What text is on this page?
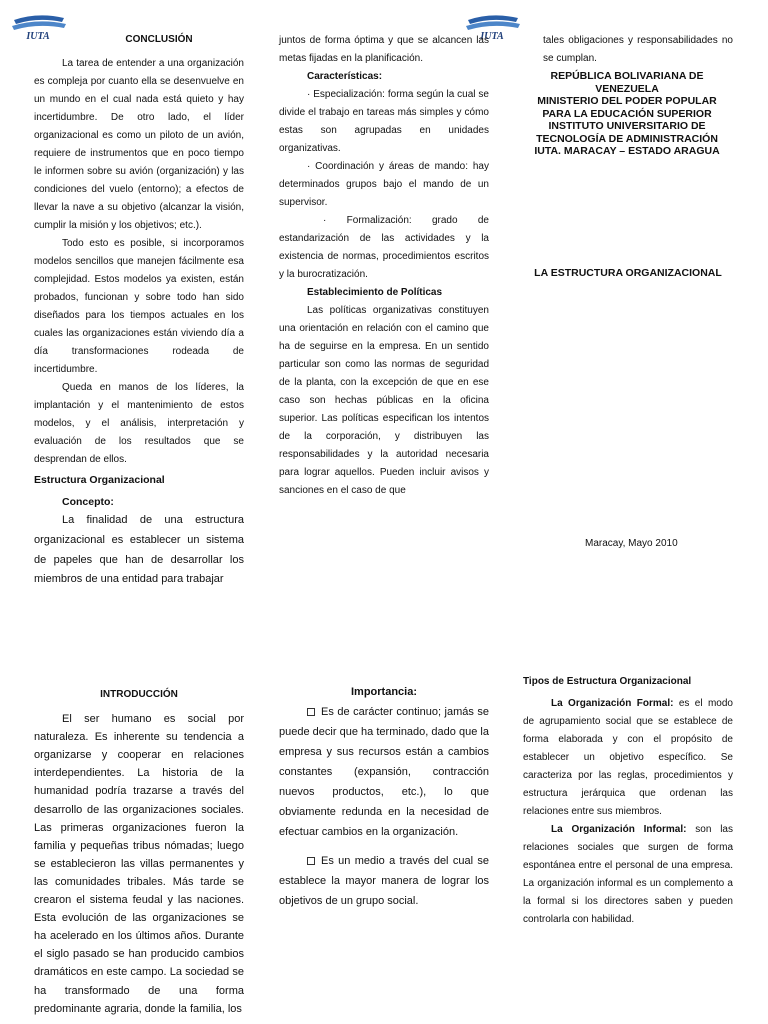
IUTA	IUTA
CONCLUSIÓN

La tarea de entender a una organización es compleja por cuanto ella se desenvuelve en un mundo en el cual nada está quieto y hay incertidumbre. De otro lado, el líder organizacional es como un piloto de un avión, requiere de instrumentos que en poco tiempo le informen sobre su avión (organización) y las condiciones del vuelo (entorno); a efectos de llevar la nave a su objetivo (alcanzar la visión, cumplir la misión y los objetivos; etc.).

Todo esto es posible, si incorporamos modelos sencillos que manejen fácilmente esa complejidad. Estos modelos ya existen, están probados, funcionan y sobre todo han sido diseñados para los tiempos actuales en los cuales las organizaciones están viviendo día a día transformaciones rodeada de incertidumbre.

Queda en manos de los líderes, la implantación y el mantenimiento de estos modelos, y el análisis, interpretación y evaluación de los resultados que se desprendan de ellos.

Estructura Organizacional
Concepto:

La finalidad de una estructura organizacional es establecer un sistema de papeles que han de desarrollar los miembros de una entidad para trabajar

juntos de forma óptima y que se alcancen las metas fijadas en la planificación.

Características:

· Especialización: forma según la cual se divide el trabajo en tareas más simples y cómo estas son agrupadas en unidades organizativas.

· Coordinación y áreas de mando: hay determinados grupos bajo el mando de un supervisor.

· Formalización: grado de estandarización de las actividades y la existencia de normas, procedimientos escritos y la burocratización.

Establecimiento de Políticas

Las políticas organizativas constituyen una orientación en relación con el camino que ha de seguirse en la empresa. En un sentido particular son como las normas de seguridad de la planta, con la excepción de que en ese caso son hechas públicas en la oficina superior. Las políticas especifican los intentos de la corporación, y distribuyen las responsabilidades y la autoridad necesaria para lograr aquellos. Pueden incluir avisos y sanciones en el caso de que

tales obligaciones y responsabilidades no se cumplan.

REPÚBLICA BOLIVARIANA DE VENEZUELA
MINISTERIO DEL PODER POPULAR PARA LA EDUCACIÓN SUPERIOR
INSTITUTO UNIVERSITARIO DE TECNOLOGÍA DE ADMINISTRACIÓN
IUTA. MARACAY – ESTADO ARAGUA
LA ESTRUCTURA ORGANIZACIONAL
Maracay, Mayo 2010
INTRODUCCIÓN

El ser humano es social por naturaleza. Es inherente su tendencia a organizarse y cooperar en relaciones interdependientes. La historia de la humanidad podría trazarse a través del desarrollo de las organizaciones sociales. Las primeras organizaciones fueron la familia y pequeñas tribus nómadas; luego se establecieron las villas permanentes y las comunidades tribales. Más tarde se crearon el sistema feudal y las naciones. Esta evolución de las organizaciones se ha acelerado en los últimos años. Durante el siglo pasado se han producido cambios dramáticos en este campo. La sociedad se ha transformado de una forma predominante agraria, donde la familia, los

Importancia:

Es de carácter continuo; jamás se puede decir que ha terminado, dado que la empresa y sus recursos están a cambios constantes (expansión, contracción nuevos productos, etc.), lo que obviamente redunda en la necesidad de efectuar cambios en la organización.

Es un medio a través del cual se establece la mayor manera de lograr los objetivos de un grupo social.

Tipos de Estructura Organizacional

La Organización Formal: es el modo de agrupamiento social que se establece de forma elaborada y con el propósito de establecer un objetivo específico. Se caracteriza por las reglas, procedimientos y estructura jerárquica que ordenan las relaciones entre sus miembros.

La Organización Informal: son las relaciones sociales que surgen de forma espontánea entre el personal de una empresa. La organización informal es un complemento a la formal si los directores saben y pueden controlarla con habilidad.
